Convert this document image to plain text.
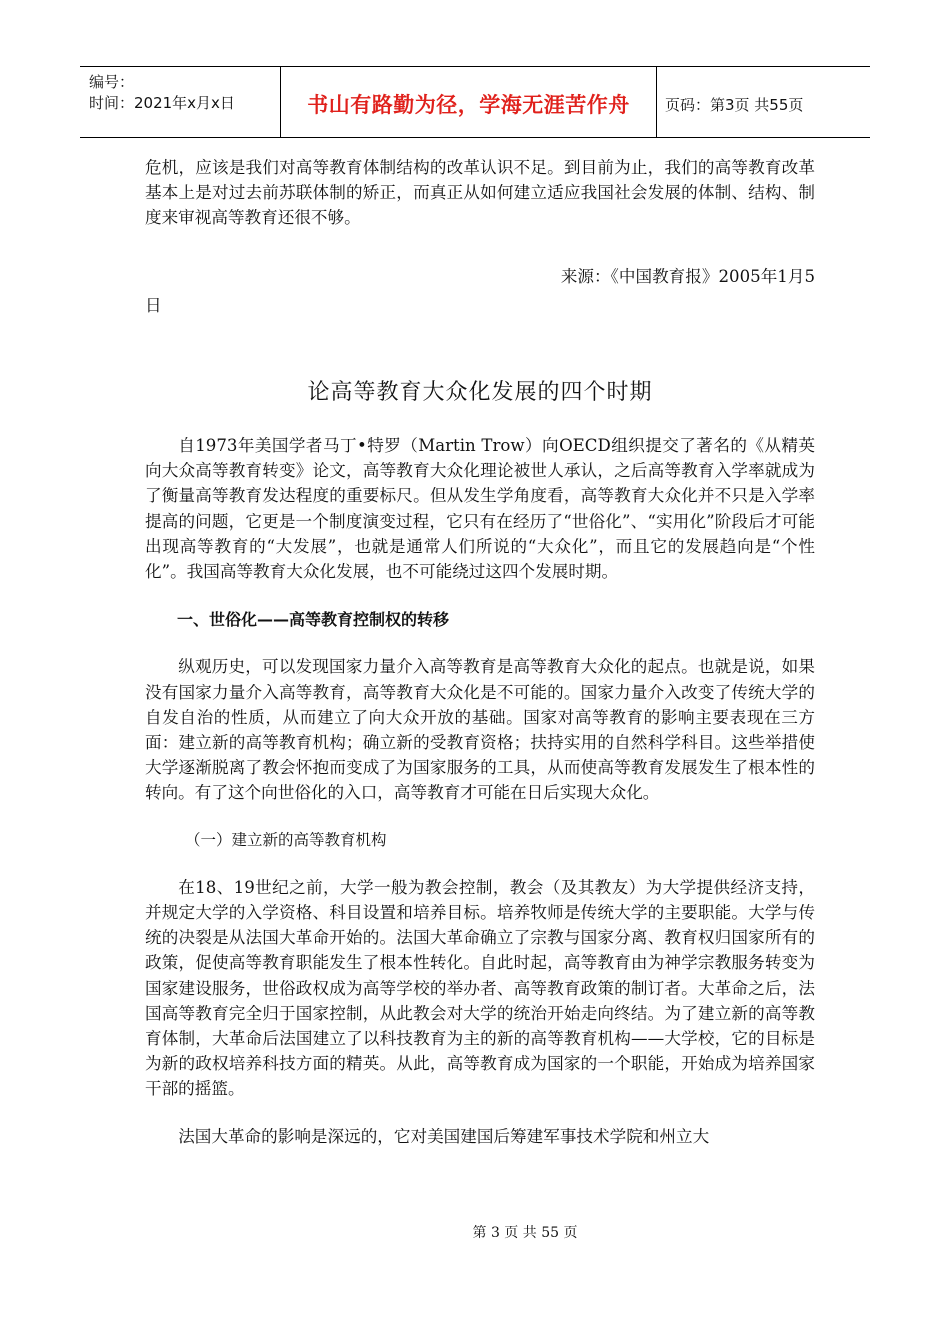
编号：
时间：2021年x月x日	书山有路勤为径，学海无涯苦作舟	页码：第3页 共55页

危机，应该是我们对高等教育体制结构的改革认识不足。到目前为止，我们的高等教育改革基本上是对过去前苏联体制的矫正，而真正从如何建立适应我国社会发展的体制、结构、制度来审视高等教育还很不够。

来源：《中国教育报》2005年1月5

日

论高等教育大众化发展的四个时期

自1973年美国学者马丁•特罗（Martin Trow）向OECD组织提交了著名的《从精英向大众高等教育转变》论文，高等教育大众化理论被世人承认，之后高等教育入学率就成为了衡量高等教育发达程度的重要标尺。但从发生学角度看，高等教育大众化并不只是入学率提高的问题，它更是一个制度演变过程，它只有在经历了“世俗化”、“实用化”阶段后才可能出现高等教育的“大发展”，也就是通常人们所说的“大众化”，而且它的发展趋向是“个性化”。我国高等教育大众化发展，也不可能绕过这四个发展时期。

一、世俗化——高等教育控制权的转移

纵观历史，可以发现国家力量介入高等教育是高等教育大众化的起点。也就是说，如果没有国家力量介入高等教育，高等教育大众化是不可能的。国家力量介入改变了传统大学的自发自治的性质，从而建立了向大众开放的基础。国家对高等教育的影响主要表现在三方面：建立新的高等教育机构；确立新的受教育资格；扶持实用的自然科学科目。这些举措使大学逐渐脱离了教会怀抱而变成了为国家服务的工具，从而使高等教育发展发生了根本性的转向。有了这个向世俗化的入口，高等教育才可能在日后实现大众化。

（一）建立新的高等教育机构

在18、19世纪之前，大学一般为教会控制，教会（及其教友）为大学提供经济支持，并规定大学的入学资格、科目设置和培养目标。培养牧师是传统大学的主要职能。大学与传统的决裂是从法国大革命开始的。法国大革命确立了宗教与国家分离、教育权归国家所有的政策，促使高等教育职能发生了根本性转化。自此时起，高等教育由为神学宗教服务转变为国家建设服务，世俗政权成为高等学校的举办者、高等教育政策的制订者。大革命之后，法国高等教育完全归于国家控制，从此教会对大学的统治开始走向终结。为了建立新的高等教育体制，大革命后法国建立了以科技教育为主的新的高等教育机构——大学校，它的目标是为新的政权培养科技方面的精英。从此，高等教育成为国家的一个职能，开始成为培养国家干部的摇篮。

法国大革命的影响是深远的，它对美国建国后筹建军事技术学院和州立大

第 3 页 共 55 页
